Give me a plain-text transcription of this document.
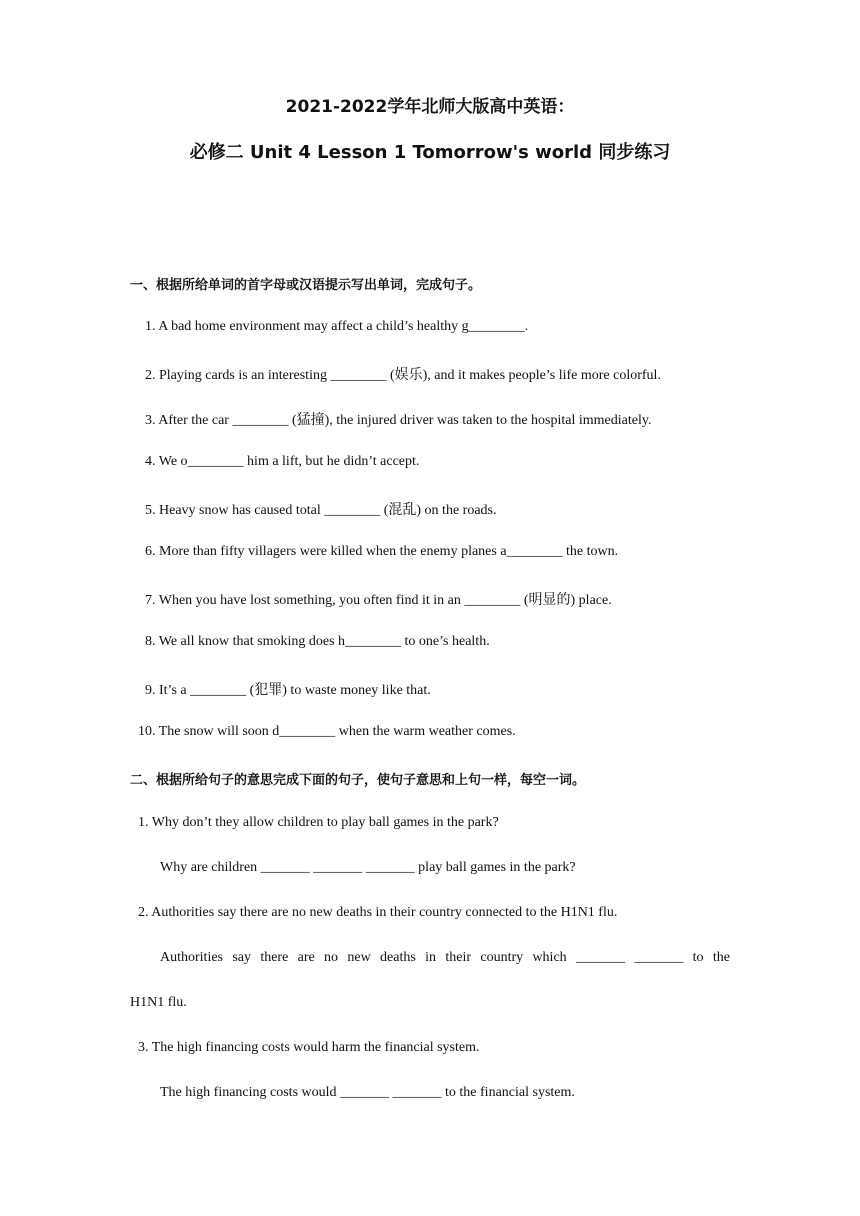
2021-2022学年北师大版高中英语：
必修二 Unit 4 Lesson 1 Tomorrow's world 同步练习
一、根据所给单词的首字母或汉语提示写出单词，完成句子。
1. A bad home environment may affect a child’s healthy g________.
2. Playing cards is an interesting ________ (娱乐), and it makes people’s life more colorful.
3. After the car ________ (猛撞), the injured driver was taken to the hospital immediately.
4. We o________ him a lift, but he didn’t accept.
5. Heavy snow has caused total ________ (混乱) on the roads.
6. More than fifty villagers were killed when the enemy planes a________ the town.
7. When you have lost something, you often find it in an ________ (明显的) place.
8. We all know that smoking does h________ to one’s health.
9. It’s a ________ (犯罪) to waste money like that.
10. The snow will soon d________ when the warm weather comes.
二、根据所给句子的意思完成下面的句子，使句子意思和上句一样，每空一词。
1. Why don’t they allow children to play ball games in the park?
Why are children _______ _______ _______ play ball games in the park?
2. Authorities say there are no new deaths in their country connected to the H1N1 flu.
Authorities say there are no new deaths in their country which _______ _______ to the
H1N1 flu.
3. The high financing costs would harm the financial system.
The high financing costs would _______ _______ to the financial system.
